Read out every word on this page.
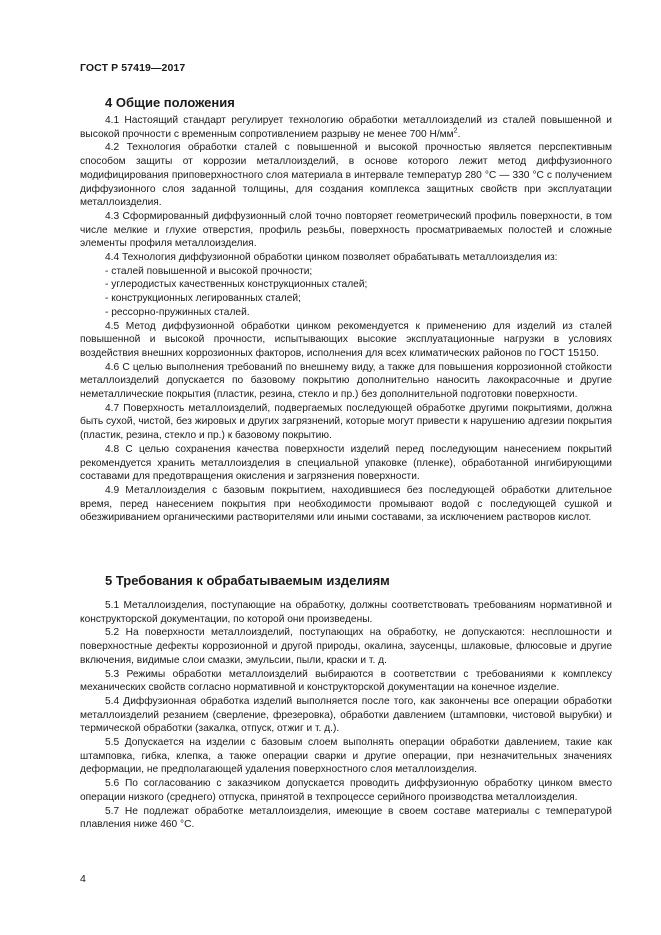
ГОСТ Р 57419—2017
4 Общие положения

4.1 Настоящий стандарт регулирует технологию обработки металлоизделий из сталей повышенной и высокой прочности с временным сопротивлением разрыву не менее 700 $Н/мм^2$.

4.2 Технология обработки сталей с повышенной и высокой прочностью является перспективным способом защиты от коррозии металлоизделий, в основе которого лежит метод диффузионного модифицирования приповерхностного слоя материала в интервале температур 280 °С — 330 °С с получением диффузионного слоя заданной толщины, для создания комплекса защитных свойств при эксплуатации металлоизделия.

4.3 Сформированный диффузионный слой точно повторяет геометрический профиль поверхности, в том числе мелкие и глухие отверстия, профиль резьбы, поверхность просматриваемых полостей и сложные элементы профиля металлоизделия.

4.4 Технология диффузионной обработки цинком позволяет обрабатывать металлоизделия из:

- сталей повышенной и высокой прочности;

- углеродистых качественных конструкционных сталей;

- конструкционных легированных сталей;

- рессорно-пружинных сталей.

4.5 Метод диффузионной обработки цинком рекомендуется к применению для изделий из сталей повышенной и высокой прочности, испытывающих высокие эксплуатационные нагрузки в условиях воздействия внешних коррозионных факторов, исполнения для всех климатических районов по ГОСТ 15150.

4.6 С целью выполнения требований по внешнему виду, а также для повышения коррозионной стойкости металлоизделий допускается по базовому покрытию дополнительно наносить лакокрасочные и другие неметаллические покрытия (пластик, резина, стекло и пр.) без дополнительной подготовки поверхности.

4.7 Поверхность металлоизделий, подвергаемых последующей обработке другими покрытиями, должна быть сухой, чистой, без жировых и других загрязнений, которые могут привести к нарушению адгезии покрытия (пластик, резина, стекло и пр.) к базовому покрытию.

4.8 С целью сохранения качества поверхности изделий перед последующим нанесением покрытий рекомендуется хранить металлоизделия в специальной упаковке (пленке), обработанной ингибирующими составами для предотвращения окисления и загрязнения поверхности.

4.9 Металлоизделия с базовым покрытием, находившиеся без последующей обработки длительное время, перед нанесением покрытия при необходимости промывают водой с последующей сушкой и обезжириванием органическими растворителями или иными составами, за исключением растворов кислот.

5 Требования к обрабатываемым изделиям

5.1 Металлоизделия, поступающие на обработку, должны соответствовать требованиям нормативной и конструкторской документации, по которой они произведены.

5.2 На поверхности металлоизделий, поступающих на обработку, не допускаются: несплошности и поверхностные дефекты коррозионной и другой природы, окалина, заусенцы, шлаковые, флюсовые и другие включения, видимые слои смазки, эмульсии, пыли, краски и т. д.

5.3 Режимы обработки металлоизделий выбираются в соответствии с требованиями к комплексу механических свойств согласно нормативной и конструкторской документации на конечное изделие.

5.4 Диффузионная обработка изделий выполняется после того, как закончены все операции обработки металлоизделий резанием (сверление, фрезеровка), обработки давлением (штамповки, чистовой вырубки) и термической обработки (закалка, отпуск, отжиг и т. д.).

5.5 Допускается на изделии с базовым слоем выполнять операции обработки давлением, такие как штамповка, гибка, клепка, а также операции сварки и другие операции, при незначительных значениях деформации, не предполагающей удаления поверхностного слоя металлоизделия.

5.6 По согласованию с заказчиком допускается проводить диффузионную обработку цинком вместо операции низкого (среднего) отпуска, принятой в техпроцессе серийного производства металлоизделия.

5.7 Не подлежат обработке металлоизделия, имеющие в своем составе материалы с температурой плавления ниже 460 °С.

4
